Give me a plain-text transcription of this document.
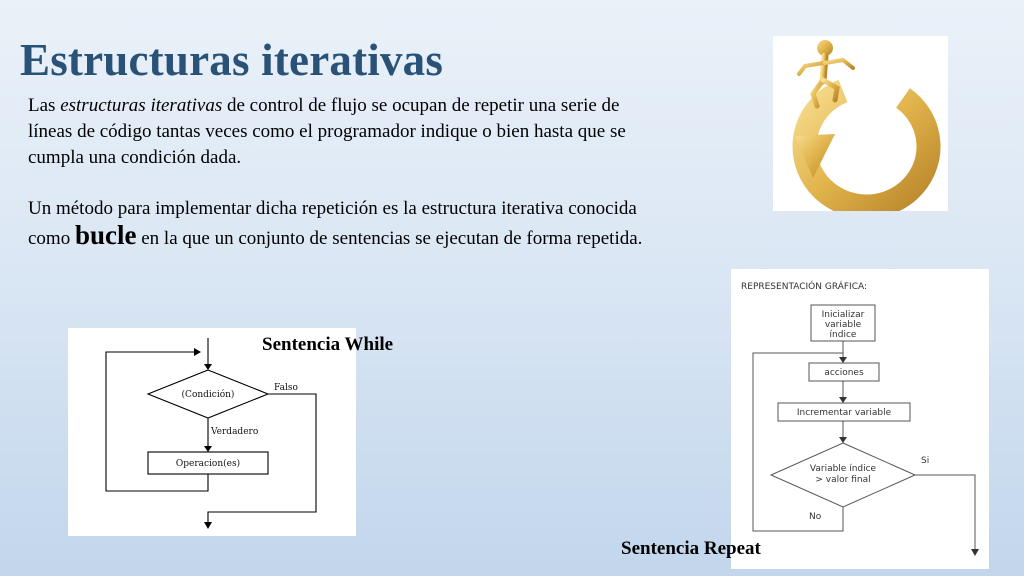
Estructuras iterativas

Las estructuras iterativas de control de flujo se ocupan de repetir una serie de líneas de código tantas veces como el programador indique o bien hasta que se cumpla una condición dada.

Un método para implementar dicha repetición es la estructura iterativa conocida como bucle en la que un conjunto de sentencias se ejecutan de forma repetida.

(Condición)
Falso
Verdadero
Operacion(es)
Sentencia While
REPRESENTACIÓN GRÁFICA:
Inicializar
variable
índice
acciones
Incrementar variable
Variable índice
> valor final
Si
No
Sentencia Repeat
